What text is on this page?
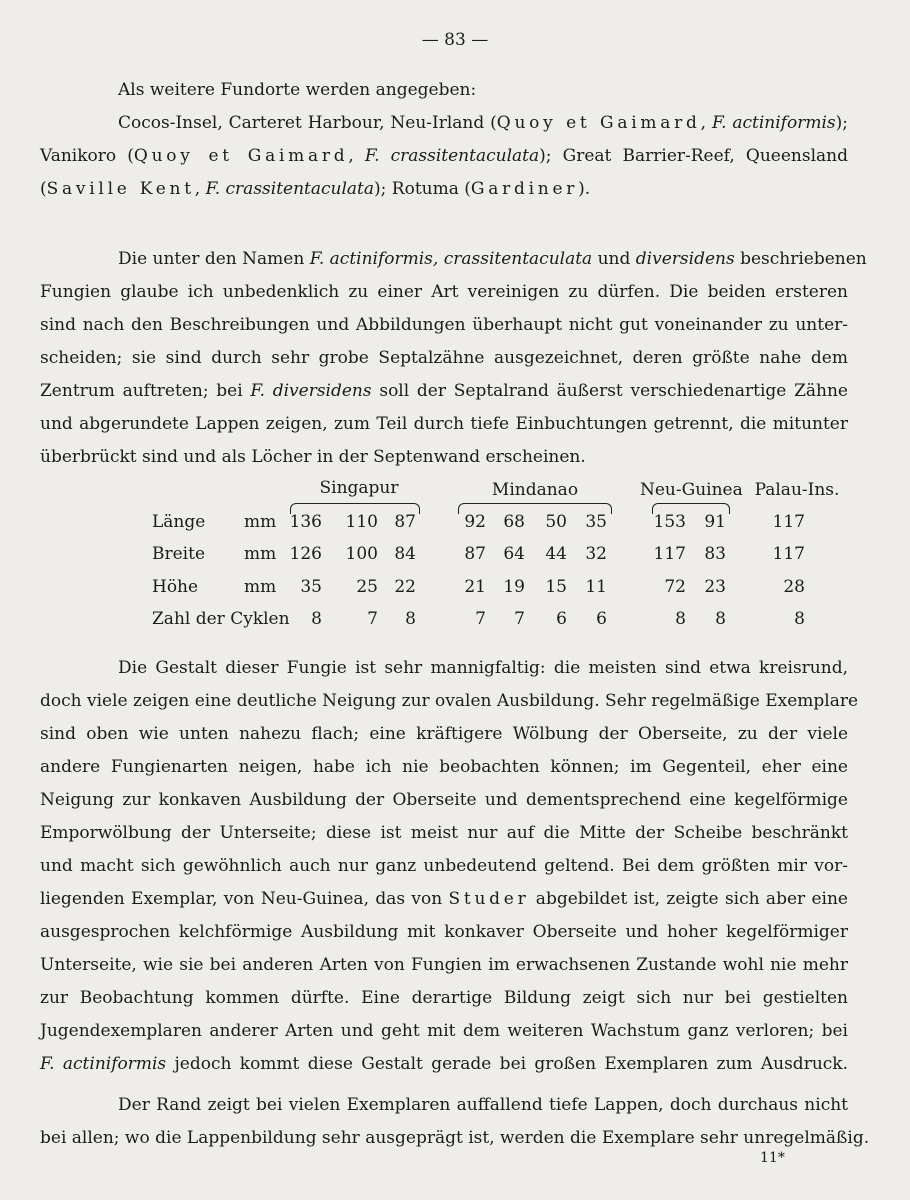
— 83 —
Als weitere Fundorte werden angegeben:
Cocos-Insel, Carteret Harbour, Neu-Irland (Quoy et Gaimard, F. actiniformis);
Vanikoro (Quoy et Gaimard, F. crassitentaculata); Great Barrier-Reef, Queensland
(Saville Kent, F. crassitentaculata); Rotuma (Gardiner).
Die unter den Namen F. actiniformis, crassitentaculata und diversidens beschriebenen
Fungien glaube ich unbedenklich zu einer Art vereinigen zu dürfen. Die beiden ersteren
sind nach den Beschreibungen und Abbildungen überhaupt nicht gut voneinander zu unter-
scheiden; sie sind durch sehr grobe Septalzähne ausgezeichnet, deren größte nahe dem
Zentrum auftreten; bei F. diversidens soll der Septalrand äußerst verschiedenartige Zähne
und abgerundete Lappen zeigen, zum Teil durch tiefe Einbuchtungen getrennt, die mitunter
überbrückt sind und als Löcher in der Septenwand erscheinen.
Singapur	Mindanao	Neu-Guinea Palau-Ins.
Länge mm 136	110 87	92	68	50	35	153	91	117
Breite mm 126	100 84	87	64	44	32	117	83	117
Höhe	mm	35	25 22	21	19	15	11	72	23	28
Zahl der Cyklen	8	7	8	7	7	6	6	8	8	8
Die Gestalt dieser Fungie ist sehr mannigfaltig: die meisten sind etwa kreisrund,
doch viele zeigen eine deutliche Neigung zur ovalen Ausbildung. Sehr regelmäßige Exemplare
sind oben wie unten nahezu flach; eine kräftigere Wölbung der Oberseite, zu der viele
andere Fungienarten neigen, habe ich nie beobachten können; im Gegenteil, eher eine
Neigung zur konkaven Ausbildung der Oberseite und dementsprechend eine kegelförmige
Emporwölbung der Unterseite; diese ist meist nur auf die Mitte der Scheibe beschränkt
und macht sich gewöhnlich auch nur ganz unbedeutend geltend. Bei dem größten mir vor-
liegenden Exemplar, von Neu-Guinea, das von Studer abgebildet ist, zeigte sich aber eine
ausgesprochen kelchförmige Ausbildung mit konkaver Oberseite und hoher kegelförmiger
Unterseite, wie sie bei anderen Arten von Fungien im erwachsenen Zustande wohl nie mehr
zur Beobachtung kommen dürfte. Eine derartige Bildung zeigt sich nur bei gestielten
Jugendexemplaren anderer Arten und geht mit dem weiteren Wachstum ganz verloren; bei
F. actiniformis jedoch kommt diese Gestalt gerade bei großen Exemplaren zum Ausdruck.
Der Rand zeigt bei vielen Exemplaren auffallend tiefe Lappen, doch durchaus nicht
bei allen; wo die Lappenbildung sehr ausgeprägt ist, werden die Exemplare sehr unregelmäßig.
11*
